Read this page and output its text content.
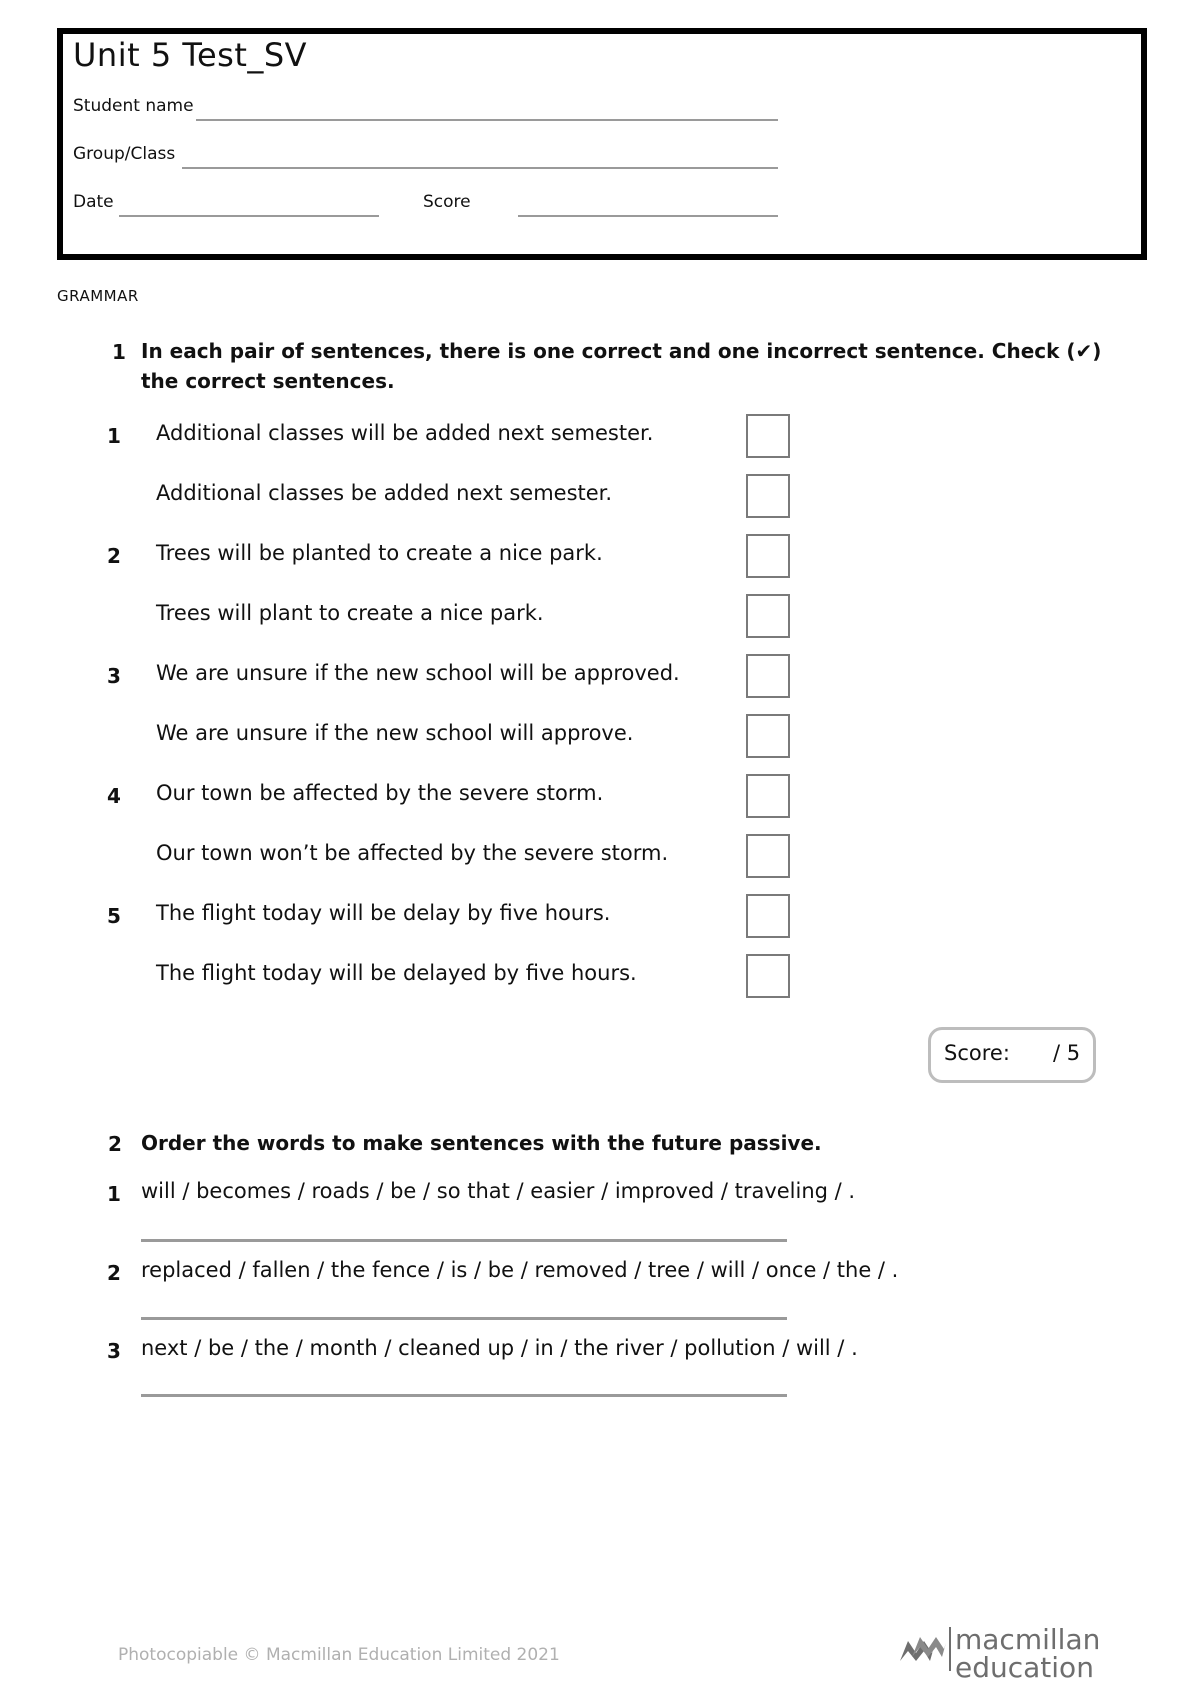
Unit 5 Test_SV
Student name
Group/Class
Date	Score
GRAMMAR
1 In each pair of sentences, there is one correct and one incorrect sentence. Check (✔)
the correct sentences.
1 Additional classes will be added next semester.
Additional classes be added next semester.
2 Trees will be planted to create a nice park.
Trees will plant to create a nice park.
3 We are unsure if the new school will be approved.
We are unsure if the new school will approve.
4 Our town be affected by the severe storm.
Our town won’t be affected by the severe storm.
5 The flight today will be delay by five hours.
The flight today will be delayed by five hours.
Score: / 5
2 Order the words to make sentences with the future passive.
1 will / becomes / roads / be / so that / easier / improved / traveling / .
2 replaced / fallen / the fence / is / be / removed / tree / will / once / the / .
3 next / be / the / month / cleaned up / in / the river / pollution / will / .
Photocopiable © Macmillan Education Limited 2021	macmillan
education
